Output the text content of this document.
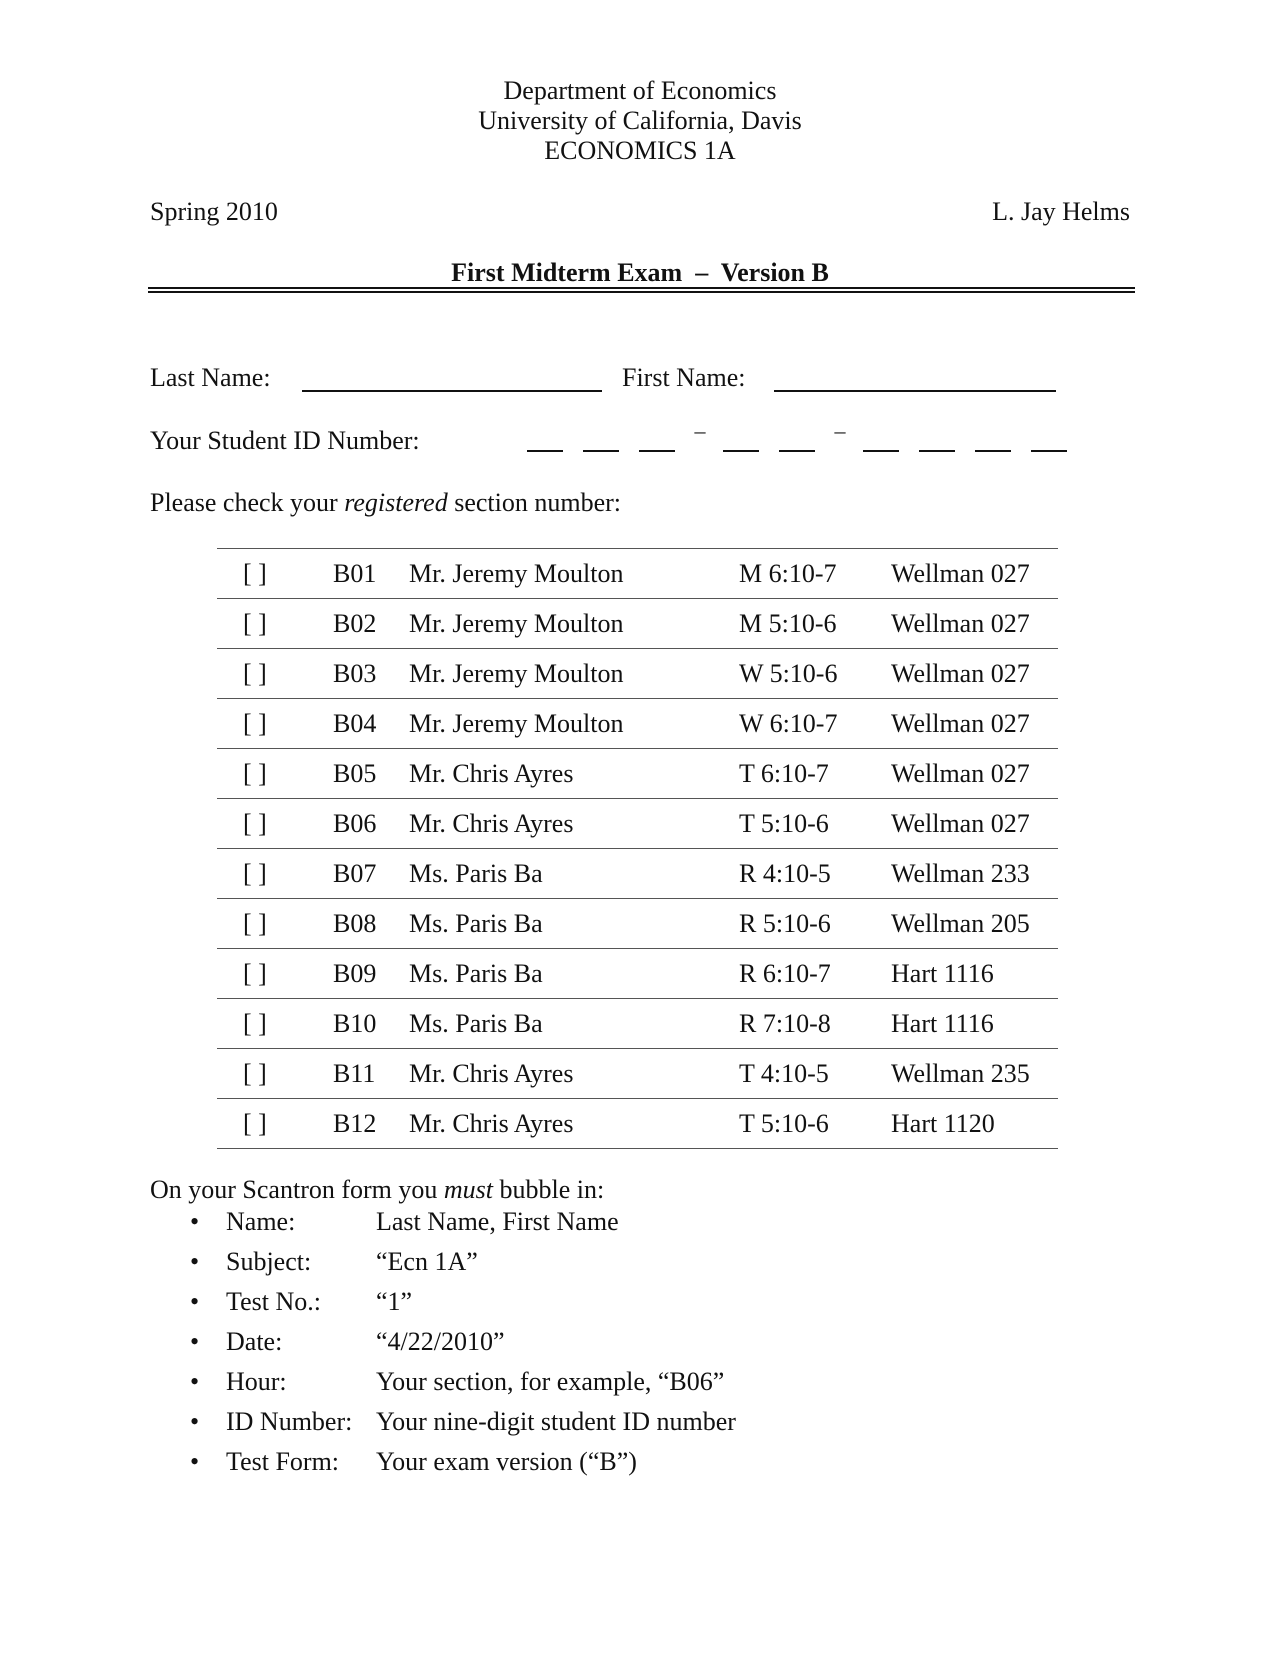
Department of Economics
University of California, Davis
ECONOMICS 1A
Spring 2010	L. Jay Helms
First Midterm Exam  –  Version B
Last Name:	First Name:
Your Student ID Number:	–	–
Please check your registered section number:
[ ]	B01	Mr. Jeremy Moulton	M 6:10-7	Wellman 027
[ ]	B02	Mr. Jeremy Moulton	M 5:10-6	Wellman 027
[ ]	B03	Mr. Jeremy Moulton	W 5:10-6	Wellman 027
[ ]	B04	Mr. Jeremy Moulton	W 6:10-7	Wellman 027
[ ]	B05	Mr. Chris Ayres	T 6:10-7	Wellman 027
[ ]	B06	Mr. Chris Ayres	T 5:10-6	Wellman 027
[ ]	B07	Ms. Paris Ba	R 4:10-5	Wellman 233
[ ]	B08	Ms. Paris Ba	R 5:10-6	Wellman 205
[ ]	B09	Ms. Paris Ba	R 6:10-7	Hart 1116
[ ]	B10	Ms. Paris Ba	R 7:10-8	Hart 1116
[ ]	B11	Mr. Chris Ayres	T 4:10-5	Wellman 235
[ ]	B12	Mr. Chris Ayres	T 5:10-6	Hart 1120
On your Scantron form you must bubble in:
•	Name:	Last Name, First Name
•	Subject:	“Ecn 1A”
•	Test No.:	“1”
•	Date:	“4/22/2010”
•	Hour:	Your section, for example, “B06”
•	ID Number: Your nine-digit student ID number
•	Test Form:	Your exam version (“B”)
